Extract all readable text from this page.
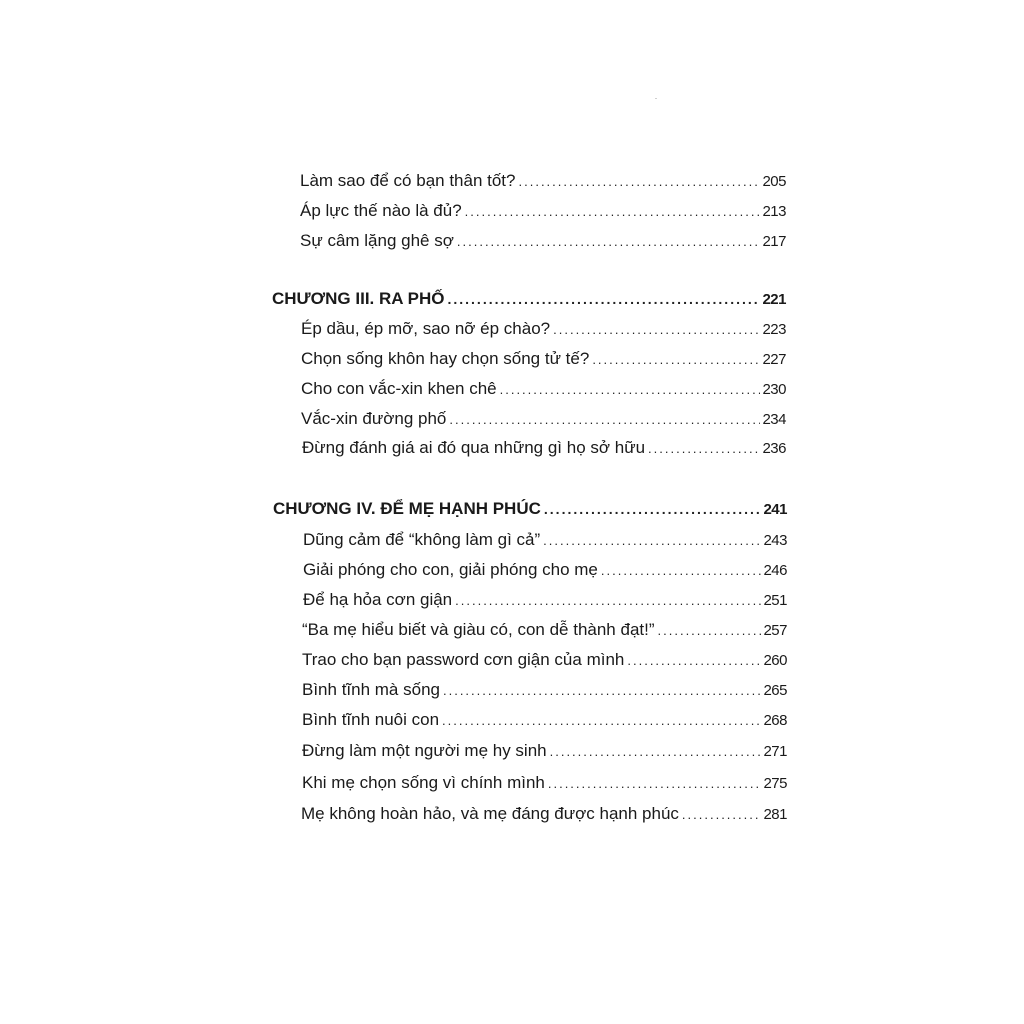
Làm sao để có bạn thân tốt? .....	205
Áp lực thế nào là đủ? .....	213
Sự câm lặng ghê sợ .....	217
CHƯƠNG III. RA PHỐ .....	221
Ép dầu, ép mỡ, sao nỡ ép chào? .....	223
Chọn sống khôn hay chọn sống tử tế? .....	227
Cho con vắc-xin khen chê .....	230
Vắc-xin đường phố .....	234
Đừng đánh giá ai đó qua những gì họ sở hữu .....	236
CHƯƠNG IV. ĐỂ MẸ HẠNH PHÚC .....	241
Dũng cảm để “không làm gì cả” .....	243
Giải phóng cho con, giải phóng cho mẹ .....	246
Để hạ hỏa cơn giận .....	251
“Ba mẹ hiểu biết và giàu có, con dễ thành đạt!” .....	257
Trao cho bạn password cơn giận của mình .....	260
Bình tĩnh mà sống .....	265
Bình tĩnh nuôi con .....	268
Đừng làm một người mẹ hy sinh .....	271
Khi mẹ chọn sống vì chính mình .....	275
Mẹ không hoàn hảo, và mẹ đáng được hạnh phúc .....	281
